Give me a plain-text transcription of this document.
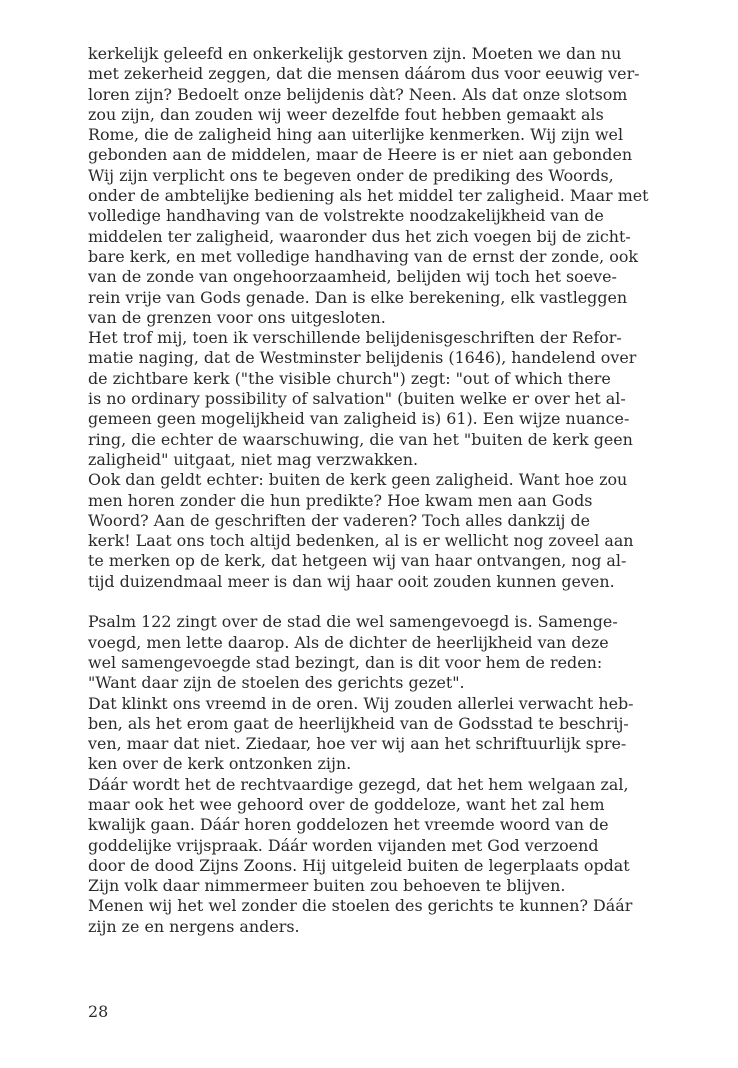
kerkelijk geleefd en onkerkelijk gestorven zijn. Moeten we dan nu
met zekerheid zeggen, dat die mensen dáárom dus voor eeuwig ver-
loren zijn? Bedoelt onze belijdenis dàt? Neen. Als dat onze slotsom
zou zijn, dan zouden wij weer dezelfde fout hebben gemaakt als
Rome, die de zaligheid hing aan uiterlijke kenmerken. Wij zijn wel
gebonden aan de middelen, maar de Heere is er niet aan gebonden
Wij zijn verplicht ons te begeven onder de prediking des Woords,
onder de ambtelijke bediening als het middel ter zaligheid. Maar met
volledige handhaving van de volstrekte noodzakelijkheid van de
middelen ter zaligheid, waaronder dus het zich voegen bij de zicht-
bare kerk, en met volledige handhaving van de ernst der zonde, ook
van de zonde van ongehoorzaamheid, belijden wij toch het soeve-
rein vrije van Gods genade. Dan is elke berekening, elk vastleggen
van de grenzen voor ons uitgesloten.
Het trof mij, toen ik verschillende belijdenisgeschriften der Refor-
matie naging, dat de Westminster belijdenis (1646), handelend over
de zichtbare kerk ("the visible church") zegt: "out of which there
is no ordinary possibility of salvation" (buiten welke er over het al-
gemeen geen mogelijkheid van zaligheid is) 61). Een wijze nuance-
ring, die echter de waarschuwing, die van het "buiten de kerk geen
zaligheid" uitgaat, niet mag verzwakken.
Ook dan geldt echter: buiten de kerk geen zaligheid. Want hoe zou
men horen zonder die hun predikte? Hoe kwam men aan Gods
Woord? Aan de geschriften der vaderen? Toch alles dankzij de
kerk! Laat ons toch altijd bedenken, al is er wellicht nog zoveel aan
te merken op de kerk, dat hetgeen wij van haar ontvangen, nog al-
tijd duizendmaal meer is dan wij haar ooit zouden kunnen geven.
Psalm 122 zingt over de stad die wel samengevoegd is. Samenge-
voegd, men lette daarop. Als de dichter de heerlijkheid van deze
wel samengevoegde stad bezingt, dan is dit voor hem de reden:
"Want daar zijn de stoelen des gerichts gezet".
Dat klinkt ons vreemd in de oren. Wij zouden allerlei verwacht heb-
ben, als het erom gaat de heerlijkheid van de Godsstad te beschrij-
ven, maar dat niet. Ziedaar, hoe ver wij aan het schriftuurlijk spre-
ken over de kerk ontzonken zijn.
Dáár wordt het de rechtvaardige gezegd, dat het hem welgaan zal,
maar ook het wee gehoord over de goddeloze, want het zal hem
kwalijk gaan. Dáár horen goddelozen het vreemde woord van de
goddelijke vrijspraak. Dáár worden vijanden met God verzoend
door de dood Zijns Zoons. Hij uitgeleid buiten de legerplaats opdat
Zijn volk daar nimmermeer buiten zou behoeven te blijven.
Menen wij het wel zonder die stoelen des gerichts te kunnen? Dáár
zijn ze en nergens anders.
28
